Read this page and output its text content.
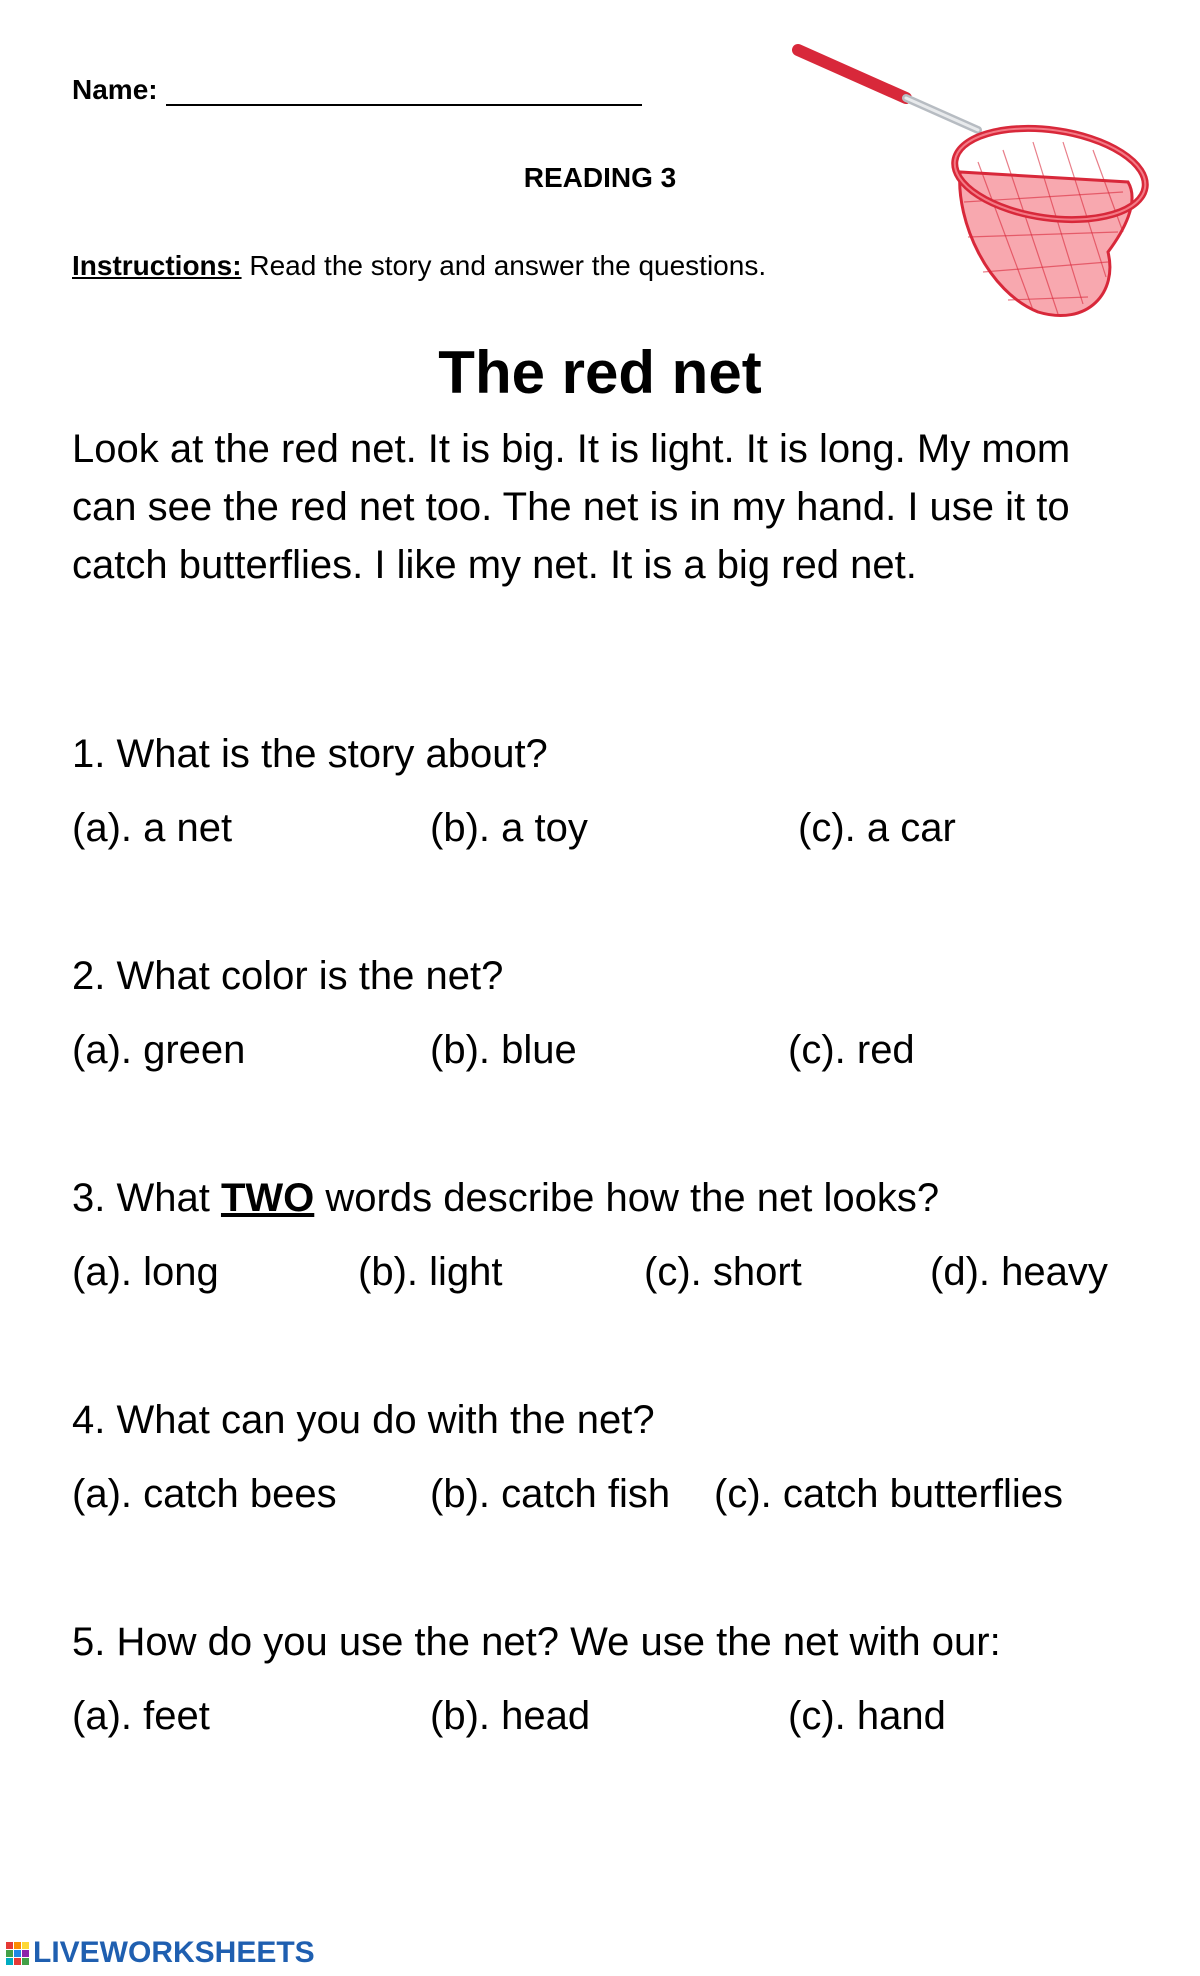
Name:
READING 3
Instructions: Read the story and answer the questions.
The red net
Look at the red net. It is big. It is light. It is long. My mom can see the red net too. The net is in my hand. I use it to catch butterflies. I like my net. It is a big red net.
1. What is the story about?
(a). a net	(b). a toy	(c). a car
2. What color is the net?
(a). green	(b). blue	(c). red
3. What TWO words describe how the net looks?
(a). long	(b). light	(c). short	(d). heavy
4. What can you do with the net?
(a). catch bees (b). catch fish (c). catch butterflies
5. How do you use the net? We use the net with our:
(a). feet	(b). head	(c). hand
LIVEWORKSHEETS
